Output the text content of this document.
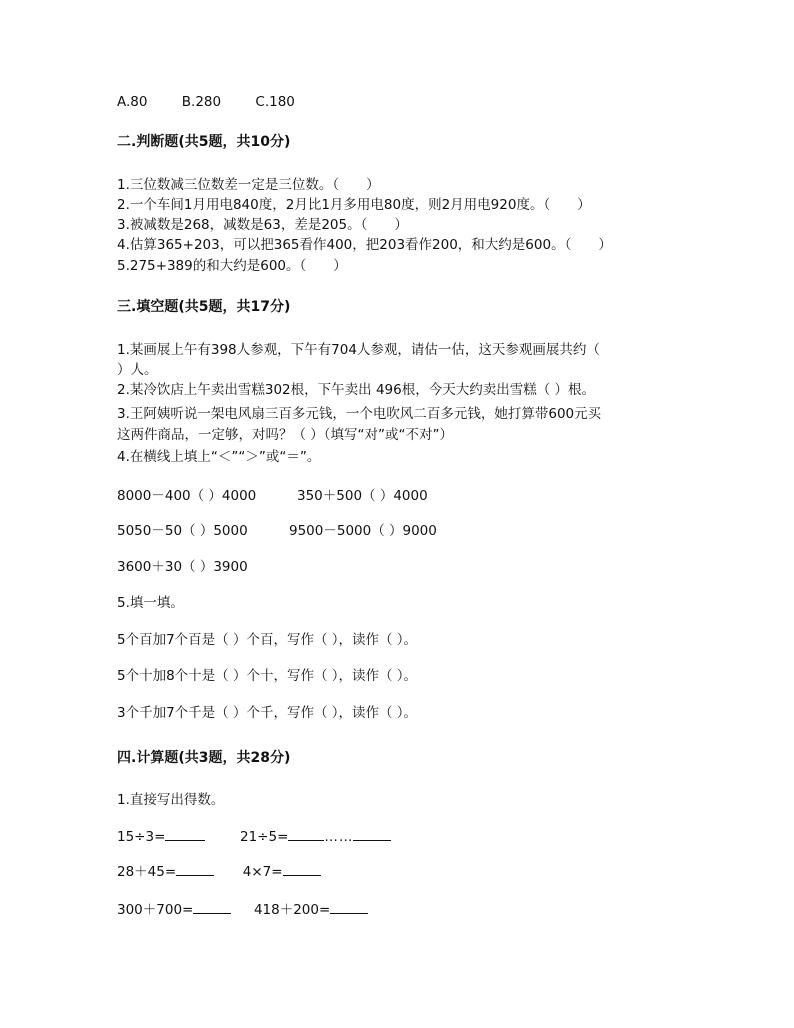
A.80	B.280	C.180
二.判断题(共5题，共10分)
1.三位数减三位数差一定是三位数。（　　）
2.一个车间1月用电840度，2月比1月多用电80度，则2月用电920度。（　　）
3.被减数是268，减数是63，差是205。（　　）
4.估算365+203，可以把365看作400，把203看作200，和大约是600。（　　）
5.275+389的和大约是600。（　　）
三.填空题(共5题，共17分)
1.某画展上午有398人参观，下午有704人参观，请估一估，这天参观画展共约（
）人。
2.某冷饮店上午卖出雪糕302根，下午卖出 496根，今天大约卖出雪糕（ ）根。
3.王阿姨听说一架电风扇三百多元钱，一个电吹风二百多元钱，她打算带600元买
这两件商品，一定够，对吗？（ ）（填写“对”或“不对”）
4.在横线上填上“＜”“＞”或“＝”。
8000－400（ ）4000	350＋500（ ）4000
5050－50（ ）5000	9500－5000（ ）9000
3600＋30（ ）3900
5.填一填。
5个百加7个百是（ ）个百，写作（ ），读作（ ）。
5个十加8个十是（ ）个十，写作（ ），读作（ ）。
3个千加7个千是（ ）个千，写作（ ），读作（ ）。
四.计算题(共3题，共28分)
1.直接写出得数。
15÷3=	21÷5=	……
28＋45=	4×7=
300＋700=	418＋200=
